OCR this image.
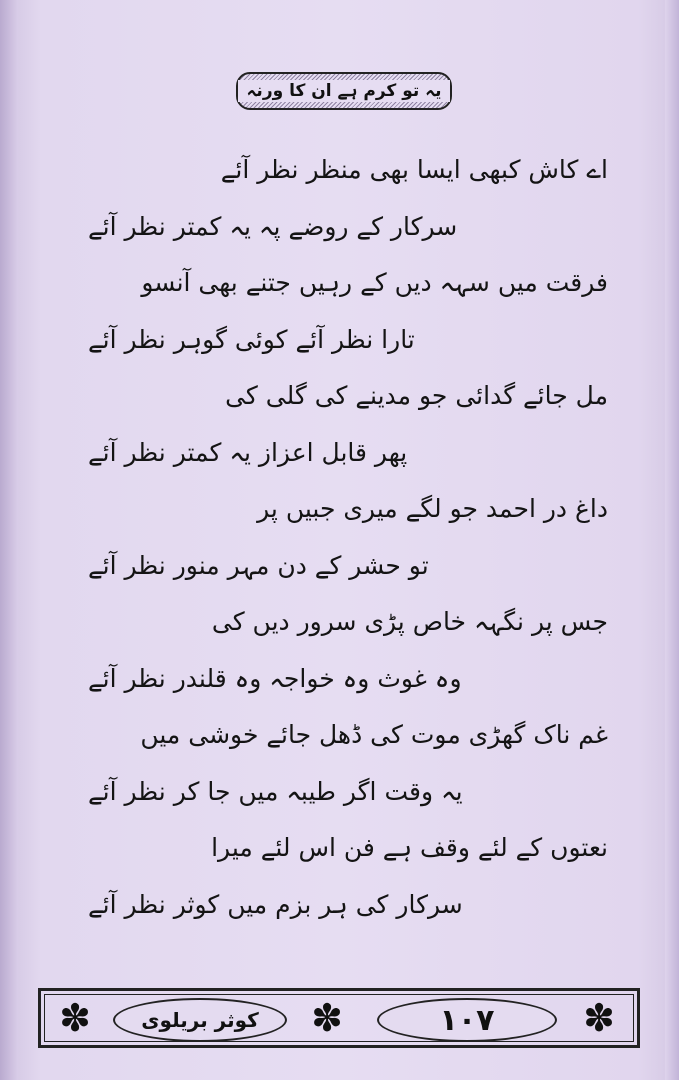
یہ تو کرم ہے ان کا ورنہ
اے کاش کبھی ایسا بھی منظر نظر آئے
سرکار کے روضے پہ یہ کمتر نظر آئے
فرقت میں سہہ دیں کے رہیں جتنے بھی آنسو
تارا نظر آئے کوئی گوہر نظر آئے
مل جائے گدائی جو مدینے کی گلی کی
پھر قابل اعزاز یہ کمتر نظر آئے
داغ در احمد جو لگے میری جبیں پر
تو حشر کے دن مہر منور نظر آئے
جس پر نگہہ خاص پڑی سرور دیں کی
وہ غوث وہ خواجہ وہ قلندر نظر آئے
غم ناک گھڑی موت کی ڈھل جائے خوشی میں
یہ وقت اگر طیبہ میں جا کر نظر آئے
نعتوں کے لئے وقف ہے فن اس لئے میرا
سرکار کی ہر بزم میں کوثر نظر آئے
✽	کوثر بریلوی ✽	۱۰۷ ✽
